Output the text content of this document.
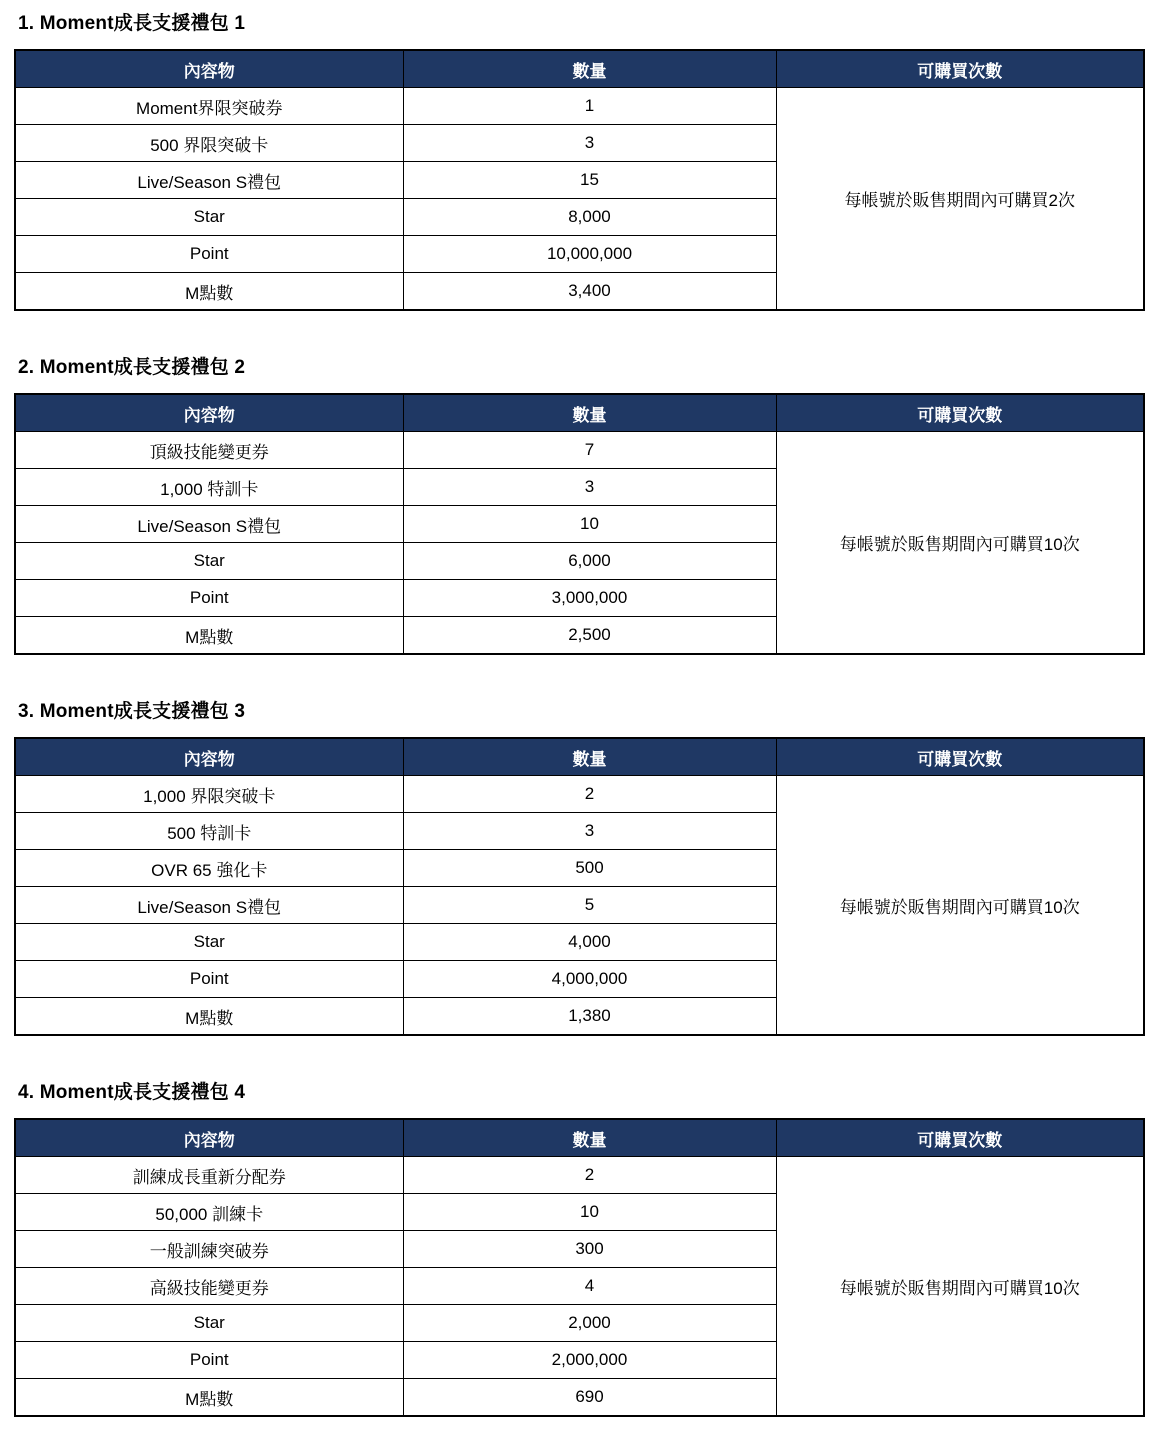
1. Moment成長支援禮包 1
內容物	數量	可購買次數
Moment界限突破券	1	每帳號於販售期間內可購買2次
500 界限突破卡	3	
Live/Season S禮包	15	
Star	8,000	
Point	10,000,000	
M點數	3,400	
2. Moment成長支援禮包 2
內容物	數量	可購買次數
頂級技能變更券	7	每帳號於販售期間內可購買10次
1,000 特訓卡	3	
Live/Season S禮包	10	
Star	6,000	
Point	3,000,000	
M點數	2,500	
3. Moment成長支援禮包 3
內容物	數量	可購買次數
1,000 界限突破卡	2	每帳號於販售期間內可購買10次
500 特訓卡	3	
OVR 65 強化卡	500	
Live/Season S禮包	5	
Star	4,000	
Point	4,000,000	
M點數	1,380	
4. Moment成長支援禮包 4
內容物	數量	可購買次數
訓練成長重新分配券	2	每帳號於販售期間內可購買10次
50,000 訓練卡	10	
一般訓練突破券	300	
高級技能變更券	4	
Star	2,000	
Point	2,000,000	
M點數	690	
